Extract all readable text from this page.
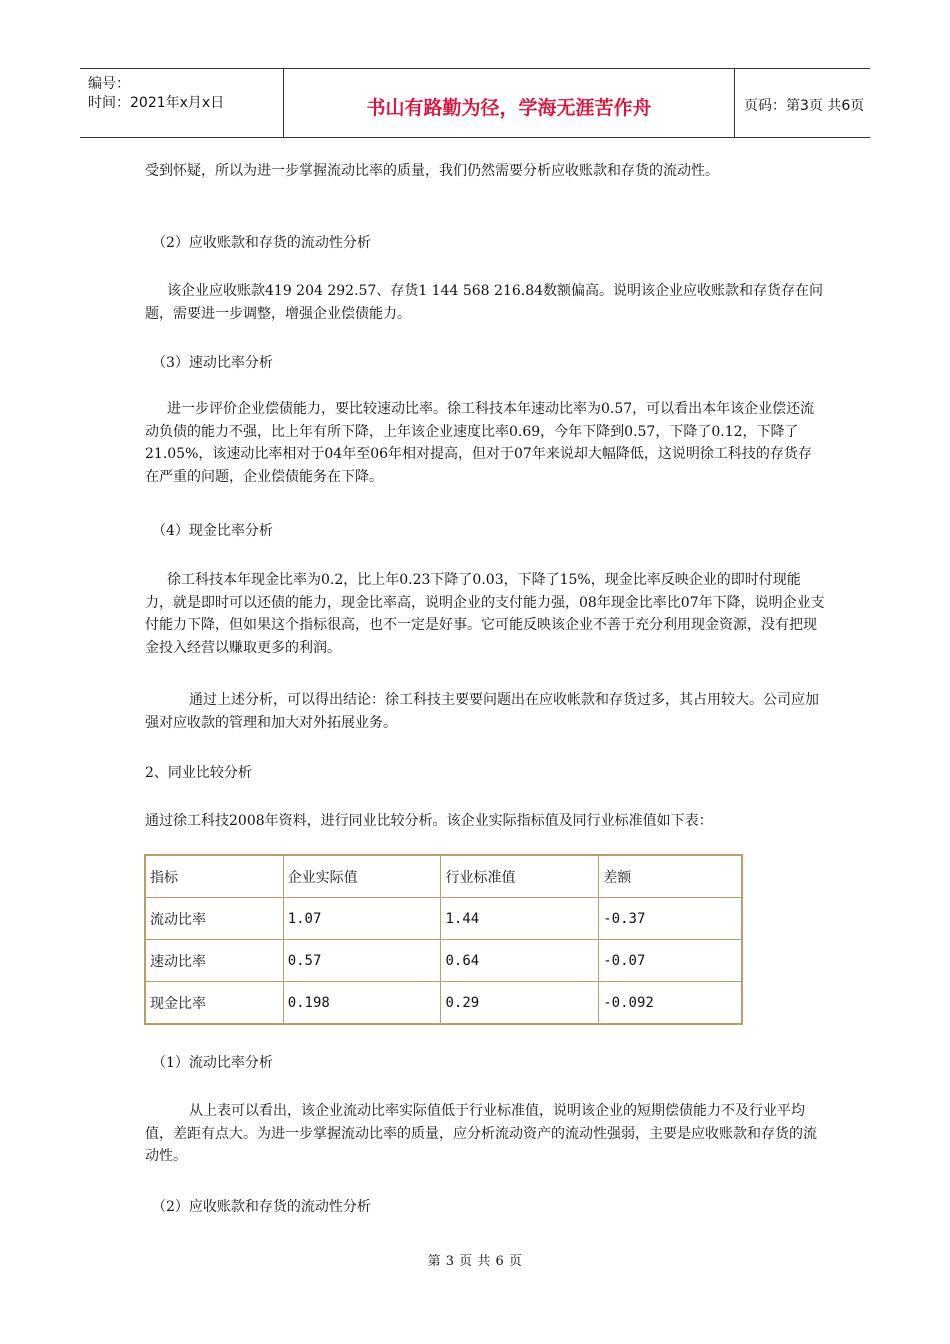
编号：
时间：2021年x月x日	书山有路勤为径，学海无涯苦作舟	页码：第3页 共6页

受到怀疑，所以为进一步掌握流动比率的质量，我们仍然需要分析应收账款和存货的流动性。

（2）应收账款和存货的流动性分析

该企业应收账款419 204 292.57、存货1 144 568 216.84数额偏高。说明该企业应收账款和存货存在问题，需要进一步调整，增强企业偿债能力。

（3）速动比率分析

进一步评价企业偿债能力，要比较速动比率。徐工科技本年速动比率为0.57，可以看出本年该企业偿还流动负债的能力不强，比上年有所下降，上年该企业速度比率0.69，今年下降到0.57，下降了0.12，下降了21.05%，该速动比率相对于04年至06年相对提高，但对于07年来说却大幅降低，这说明徐工科技的存货存在严重的问题，企业偿债能务在下降。

（4）现金比率分析

徐工科技本年现金比率为0.2，比上年0.23下降了0.03，下降了15%，现金比率反映企业的即时付现能力，就是即时可以还债的能力，现金比率高，说明企业的支付能力强，08年现金比率比07年下降，说明企业支付能力下降，但如果这个指标很高，也不一定是好事。它可能反映该企业不善于充分利用现金资源，没有把现金投入经营以赚取更多的利润。

通过上述分析，可以得出结论：徐工科技主要要问题出在应收帐款和存货过多，其占用较大。公司应加强对应收款的管理和加大对外拓展业务。

2、同业比较分析

通过徐工科技2008年资料，进行同业比较分析。该企业实际指标值及同行业标准值如下表：

指标	企业实际值	行业标准值	差额
流动比率	1.07	1.44	-0.37
速动比率	0.57	0.64	-0.07
现金比率	0.198	0.29	-0.092

（1）流动比率分析

从上表可以看出，该企业流动比率实际值低于行业标准值，说明该企业的短期偿债能力不及行业平均值，差距有点大。为进一步掌握流动比率的质量，应分析流动资产的流动性强弱，主要是应收账款和存货的流动性。

（2）应收账款和存货的流动性分析

第 3 页 共 6 页
